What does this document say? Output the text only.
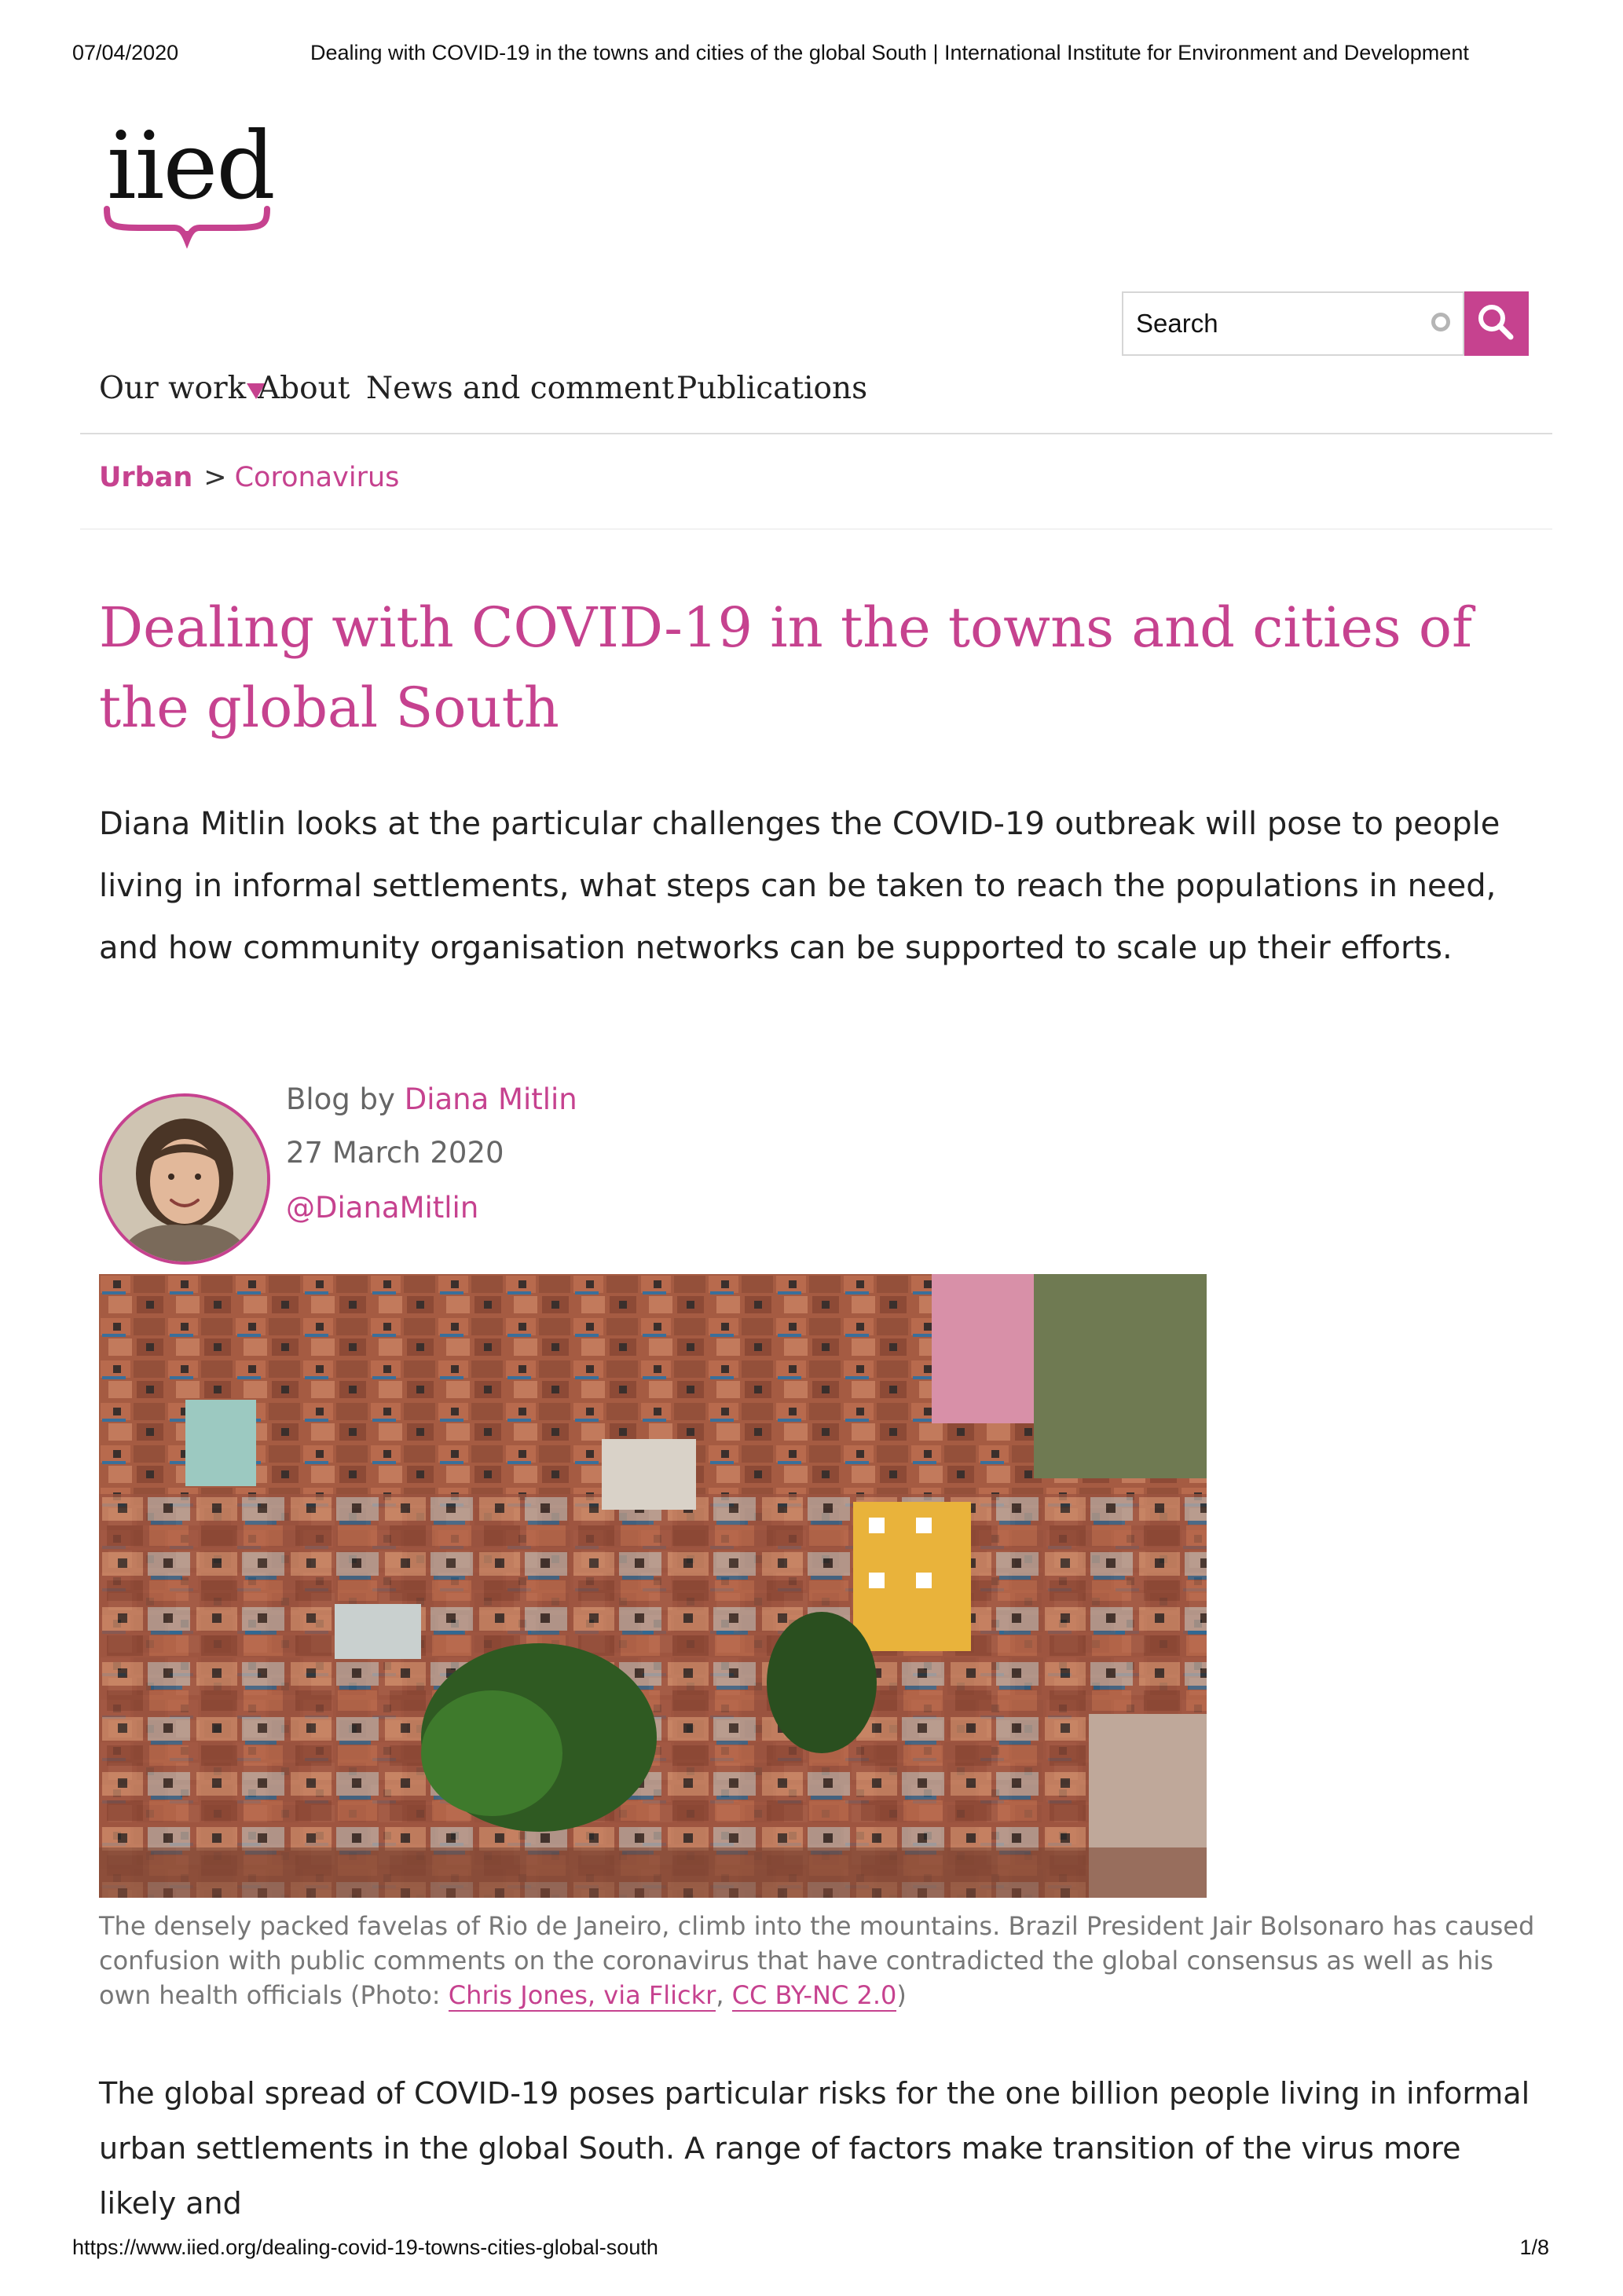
07/04/2020	Dealing with COVID-19 in the towns and cities of the global South | International Institute for Environment and Development
iied
Search
Our work About News and comment Publications
Urban > Coronavirus
Dealing with COVID-19 in the towns and cities of the global South

Diana Mitlin looks at the particular challenges the COVID-19 outbreak will pose to people living in informal settlements, what steps can be taken to reach the populations in need, and how community organisation networks can be supported to scale up their efforts.

Blog by Diana Mitlin
27 March 2020
@DianaMitlin

The densely packed favelas of Rio de Janeiro, climb into the mountains. Brazil President Jair Bolsonaro has caused confusion with public comments on the coronavirus that have contradicted the global consensus as well as his own health officials (Photo: Chris Jones, via Flickr, CC BY-NC 2.0)

The global spread of COVID-19 poses particular risks for the one billion people living in informal urban settlements in the global South. A range of factors make transition of the virus more likely and

https://www.iied.org/dealing-covid-19-towns-cities-global-south	1/8
